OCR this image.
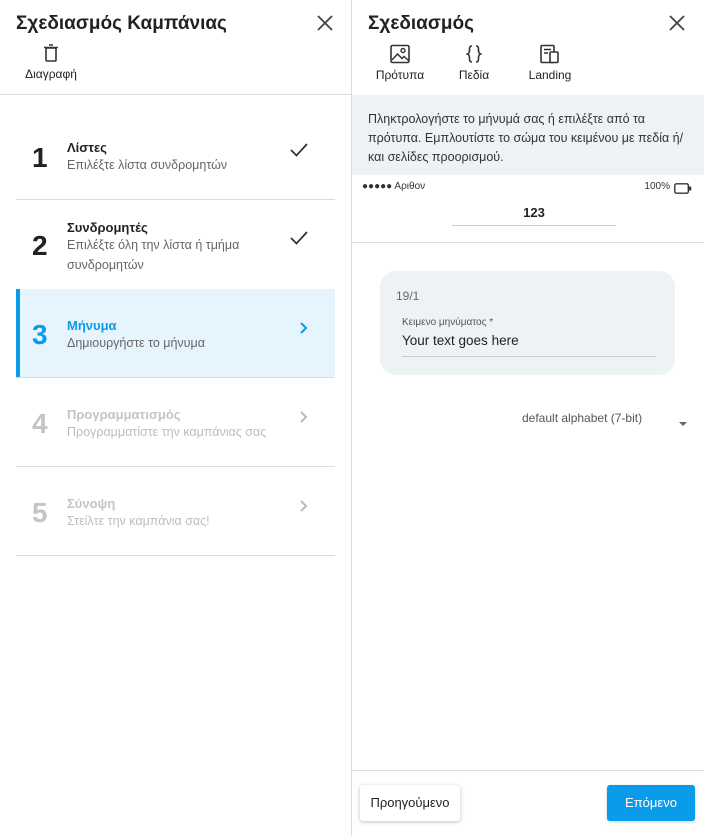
Σχεδιασμός Καμπάνιας
Διαγραφή
1 Λίστες
Επιλέξτε λίστα συνδρομητών
2
Συνδρομητές
Επιλέξτε όλη την λίστα ή τμήμα συνδρομητών
3 Μήνυμα
Δημιουργήστε το μήνυμα
4 Προγραμματισμός
Προγραμματίστε την καμπάνιας σας
5 Σύνοψη
Στείλτε την καμπάνια σας!
Σχεδιασμός
Πρότυπα	Πεδία	Landing
Πληκτρολογήστε το μήνυμά σας ή επιλέξτε από τα πρότυπα. Εμπλουτίστε το σώμα του κειμένου με πεδία ή/και σελίδες προορισμού.
●●●●● Αριθον	100%
123
19/1
Κειμενο μηνύματος *
Your text goes here
default alphabet (7-bit)
Προηγούμενο	Επόμενο
